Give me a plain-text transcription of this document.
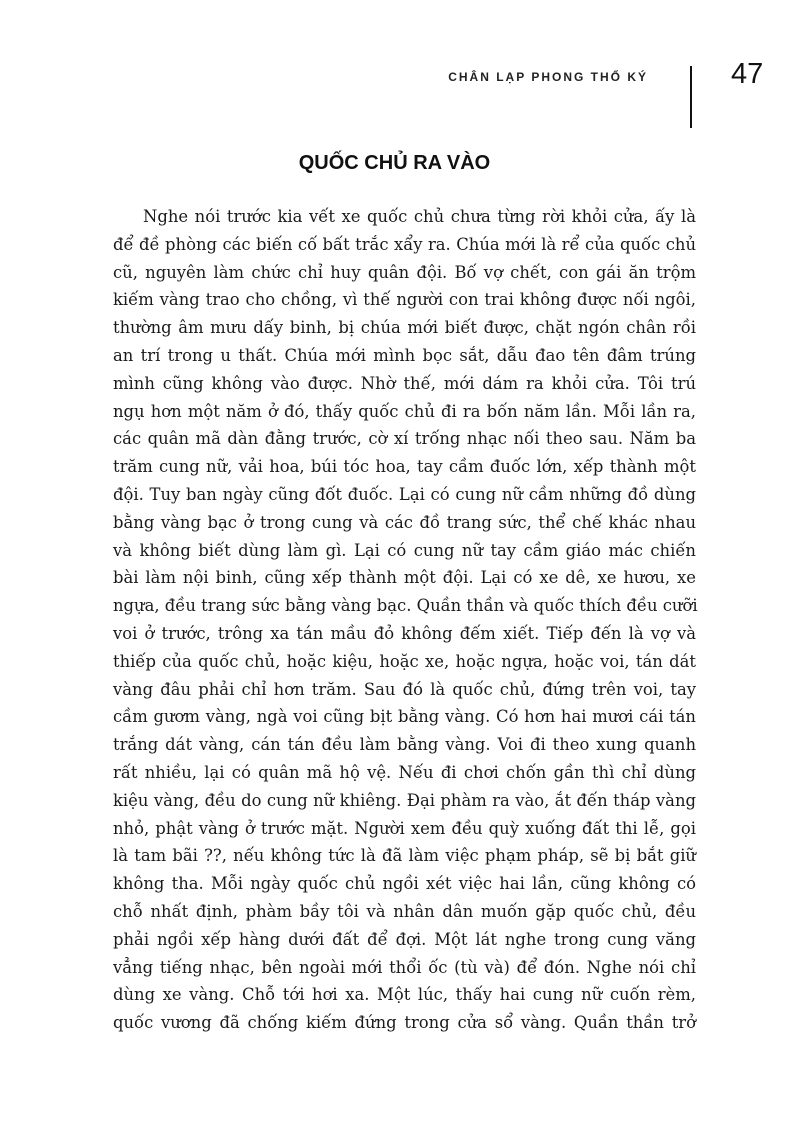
CHÂN LẠP PHONG THỔ KÝ	47
QUỐC CHỦ RA VÀO
Nghe nói trước kia vết xe quốc chủ chưa từng rời khỏi cửa, ấy là
để đề phòng các biến cố bất trắc xẩy ra. Chúa mới là rể của quốc chủ
cũ, nguyên làm chức chỉ huy quân đội. Bố vợ chết, con gái ăn trộm
kiếm vàng trao cho chồng, vì thế người con trai không được nối ngôi,
thường âm mưu dấy binh, bị chúa mới biết được, chặt ngón chân rồi
an trí trong u thất. Chúa mới mình bọc sắt, dẫu đao tên đâm trúng
mình cũng không vào được. Nhờ thế, mới dám ra khỏi cửa. Tôi trú
ngụ hơn một năm ở đó, thấy quốc chủ đi ra bốn năm lần. Mỗi lần ra,
các quân mã dàn đằng trước, cờ xí trống nhạc nối theo sau. Năm ba
trăm cung nữ, vải hoa, búi tóc hoa, tay cầm đuốc lớn, xếp thành một
đội. Tuy ban ngày cũng đốt đuốc. Lại có cung nữ cầm những đồ dùng
bằng vàng bạc ở trong cung và các đồ trang sức, thể chế khác nhau
và không biết dùng làm gì. Lại có cung nữ tay cầm giáo mác chiến
bài làm nội binh, cũng xếp thành một đội. Lại có xe dê, xe hươu, xe
ngựa, đều trang sức bằng vàng bạc. Quần thần và quốc thích đều cưỡi
voi ở trước, trông xa tán mầu đỏ không đếm xiết. Tiếp đến là vợ và
thiếp của quốc chủ, hoặc kiệu, hoặc xe, hoặc ngựa, hoặc voi, tán dát
vàng đâu phải chỉ hơn trăm. Sau đó là quốc chủ, đứng trên voi, tay
cầm gươm vàng, ngà voi cũng bịt bằng vàng. Có hơn hai mươi cái tán
trắng dát vàng, cán tán đều làm bằng vàng. Voi đi theo xung quanh
rất nhiều, lại có quân mã hộ vệ. Nếu đi chơi chốn gần thì chỉ dùng
kiệu vàng, đều do cung nữ khiêng. Đại phàm ra vào, ắt đến tháp vàng
nhỏ, phật vàng ở trước mặt. Người xem đều quỳ xuống đất thi lễ, gọi
là tam bãi ??, nếu không tức là đã làm việc phạm pháp, sẽ bị bắt giữ
không tha. Mỗi ngày quốc chủ ngồi xét việc hai lần, cũng không có
chỗ nhất định, phàm bầy tôi và nhân dân muốn gặp quốc chủ, đều
phải ngồi xếp hàng dưới đất để đợi. Một lát nghe trong cung văng
vẳng tiếng nhạc, bên ngoài mới thổi ốc (tù và) để đón. Nghe nói chỉ
dùng xe vàng. Chỗ tới hơi xa. Một lúc, thấy hai cung nữ cuốn rèm,
quốc vương đã chống kiếm đứng trong cửa sổ vàng. Quần thần trở
